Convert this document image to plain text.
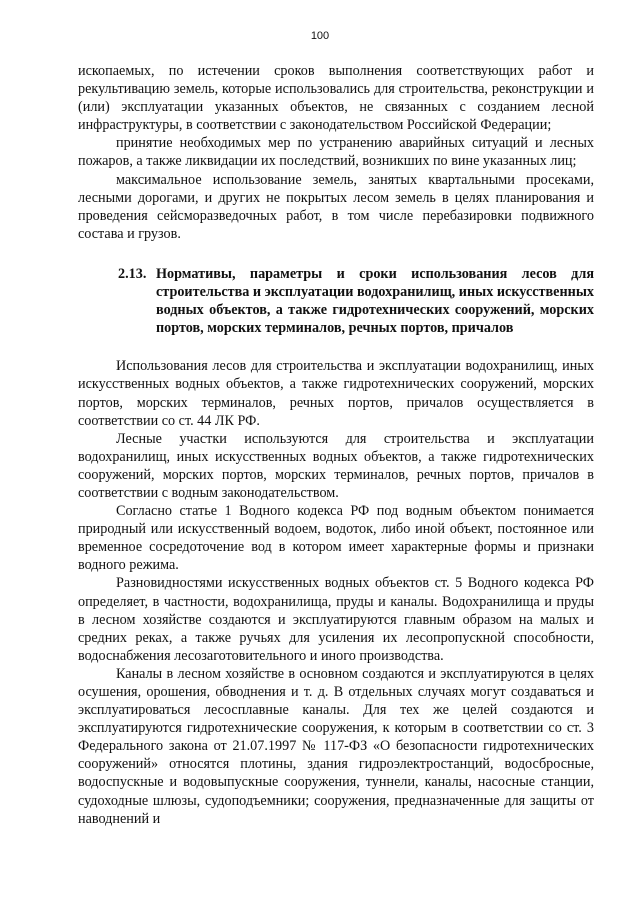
100

ископаемых, по истечении сроков выполнения соответствующих работ и рекультивацию земель, которые использовались для строительства, реконструкции и (или) эксплуатации указанных объектов, не связанных с созданием лесной инфраструктуры, в соответствии с законодательством Российской Федерации;

принятие необходимых мер по устранению аварийных ситуаций и лесных пожаров, а также ликвидации их последствий, возникших по вине указанных лиц;

максимальное использование земель, занятых квартальными просеками, лесными дорогами, и других не покрытых лесом земель в целях планирования и проведения сейсморазведочных работ, в том числе перебазировки подвижного состава и грузов.

2.13. Нормативы, параметры и сроки использования лесов для строительства и эксплуатации водохранилищ, иных искусственных водных объектов, а также гидротехнических сооружений, морских портов, морских терминалов, речных портов, причалов

Использования лесов для строительства и эксплуатации водохранилищ, иных искусственных водных объектов, а также гидротехнических сооружений, морских портов, морских терминалов, речных портов, причалов осуществляется в соответствии со ст. 44 ЛК РФ.

Лесные участки используются для строительства и эксплуатации водохранилищ, иных искусственных водных объектов, а также гидротехнических сооружений, морских портов, морских терминалов, речных портов, причалов в соответствии с водным законодательством.

Согласно статье 1 Водного кодекса РФ под водным объектом понимается природный или искусственный водоем, водоток, либо иной объект, постоянное или временное сосредоточение вод в котором имеет характерные формы и признаки водного режима.

Разновидностями искусственных водных объектов ст. 5 Водного кодекса РФ определяет, в частности, водохранилища, пруды и каналы. Водохранилища и пруды в лесном хозяйстве создаются и эксплуатируются главным образом на малых и средних реках, а также ручьях для усиления их лесопропускной способности, водоснабжения лесозаготовительного и иного производства.

Каналы в лесном хозяйстве в основном создаются и эксплуатируются в целях осушения, орошения, обводнения и т. д. В отдельных случаях могут создаваться и эксплуатироваться лесосплавные каналы. Для тех же целей создаются и эксплуатируются гидротехнические сооружения, к которым в соответствии со ст. 3 Федерального закона от 21.07.1997 № 117-ФЗ «О безопасности гидротехнических сооружений» относятся плотины, здания гидроэлектростанций, водосбросные, водоспускные и водовыпускные сооружения, туннели, каналы, насосные станции, судоходные шлюзы, судоподъемники; сооружения, предназначенные для защиты от наводнений и
